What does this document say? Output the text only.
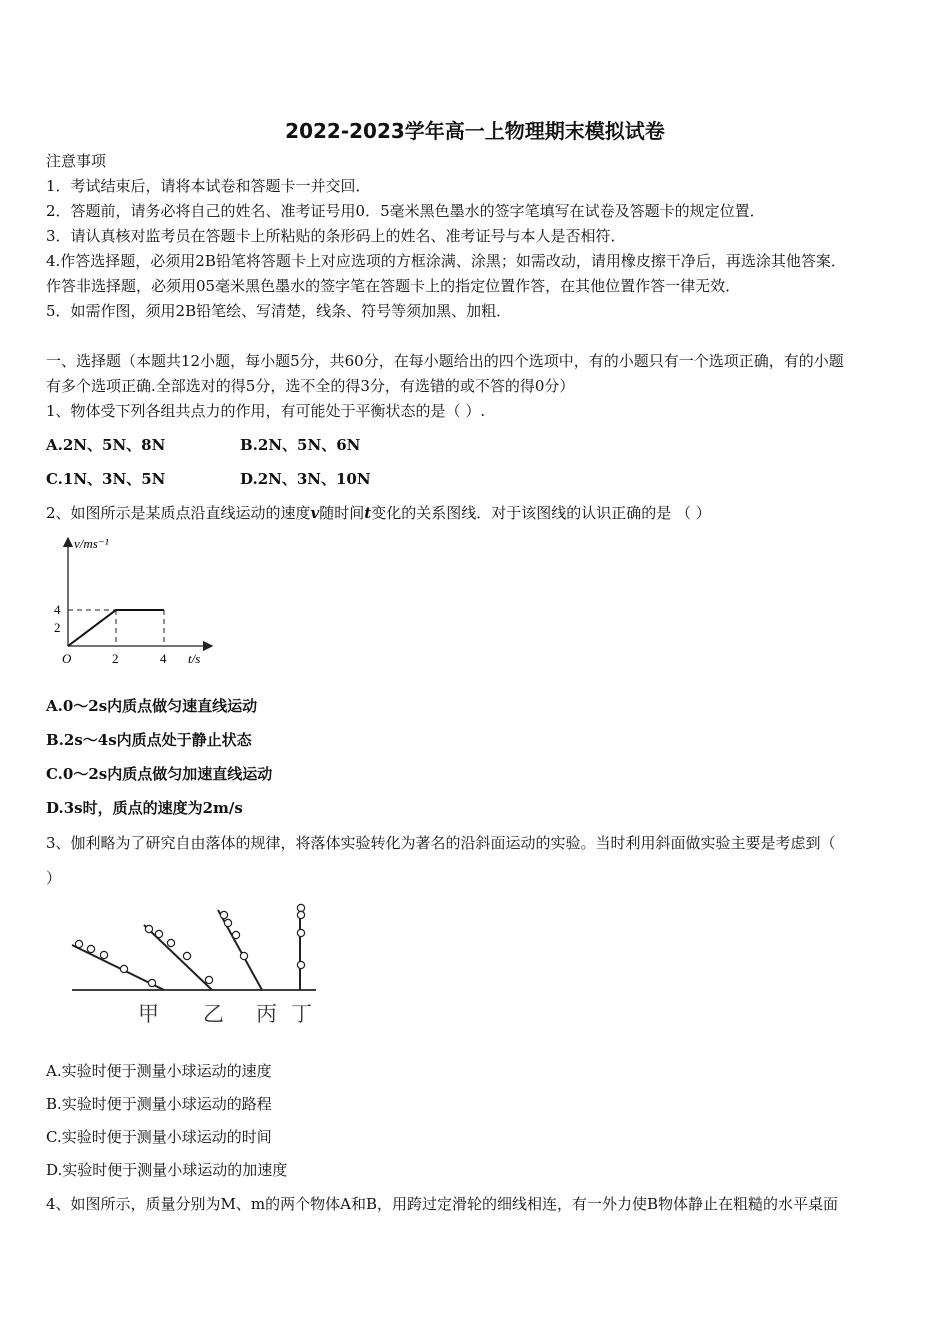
2022-2023学年高一上物理期末模拟试卷
注意事项
1．考试结束后，请将本试卷和答题卡一并交回．
2．答题前，请务必将自己的姓名、准考证号用0．5毫米黑色墨水的签字笔填写在试卷及答题卡的规定位置．
3．请认真核对监考员在答题卡上所粘贴的条形码上的姓名、准考证号与本人是否相符．
4.作答选择题，必须用2B铅笔将答题卡上对应选项的方框涂满、涂黑；如需改动，请用橡皮擦干净后，再选涂其他答案．
作答非选择题，必须用05毫米黑色墨水的签字笔在答题卡上的指定位置作答，在其他位置作答一律无效．
5．如需作图，须用2B铅笔绘、写清楚，线条、符号等须加黑、加粗．
一、选择题（本题共12小题，每小题5分，共60分，在每小题给出的四个选项中，有的小题只有一个选项正确，有的小题
有多个选项正确.全部选对的得5分，选不全的得3分，有选错的或不答的得0分）
1、物体受下列各组共点力的作用，有可能处于平衡状态的是（ ）.
A.2N、5N、8N	B.2N、5N、6N
C.1N、3N、5N	D.2N、3N、10N
2、如图所示是某质点沿直线运动的速度v随时间t变化的关系图线．对于该图线的认识正确的是 （ ）
v/ms⁻¹
t/s
O
4
2
2	4
A.0～2s内质点做匀速直线运动
B.2s～4s内质点处于静止状态
C.0～2s内质点做匀加速直线运动
D.3s时，质点的速度为2m/s
3、伽利略为了研究自由落体的规律，将落体实验转化为著名的沿斜面运动的实验。当时利用斜面做实验主要是考虑到（
）
甲 乙 丙 丁
A.实验时便于测量小球运动的速度
B.实验时便于测量小球运动的路程
C.实验时便于测量小球运动的时间
D.实验时便于测量小球运动的加速度
4、如图所示，质量分别为M、m的两个物体A和B，用跨过定滑轮的细线相连，有一外力使B物体静止在粗糙的水平桌面
